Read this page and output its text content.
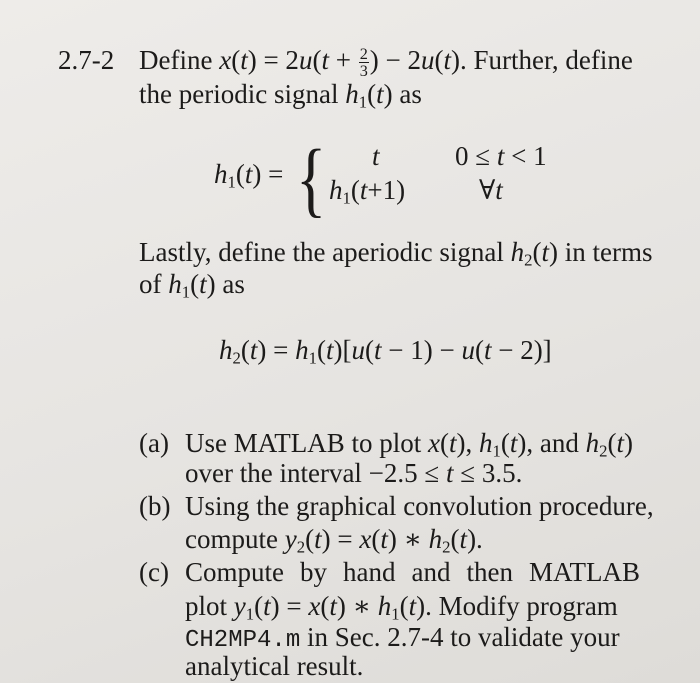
2.7-2 Define $x(t) = 2u(t + \frac{2}{3}$ ) − 2u(t). Further, define
the periodic signal $h_1(t)$ as
$h_1(t)$ = { t	0 ≤ t < 1
$h_1(t+1)$	∀t
Lastly, define the aperiodic signal $h_2(t)$ in terms
of $h_1(t)$ as
$h_2(t) = h_1(t)[u(t - 1) - u(t - 2)]$
(a) Use MATLAB to plot x(t), $h_1(t)$, and $h_2(t)$
over the interval −2.5 ≤ t ≤ 3.5.
(b) Using the graphical convolution procedure,
compute $y_2(t) = x(t)$ ∗ $h_2(t)$.
(c) Compute by hand and then MATLAB
plot $y_1(t) = x(t)$ ∗ $h_1(t)$. Modify program
CH2MP4.m in Sec. 2.7-4 to validate your
analytical result.
